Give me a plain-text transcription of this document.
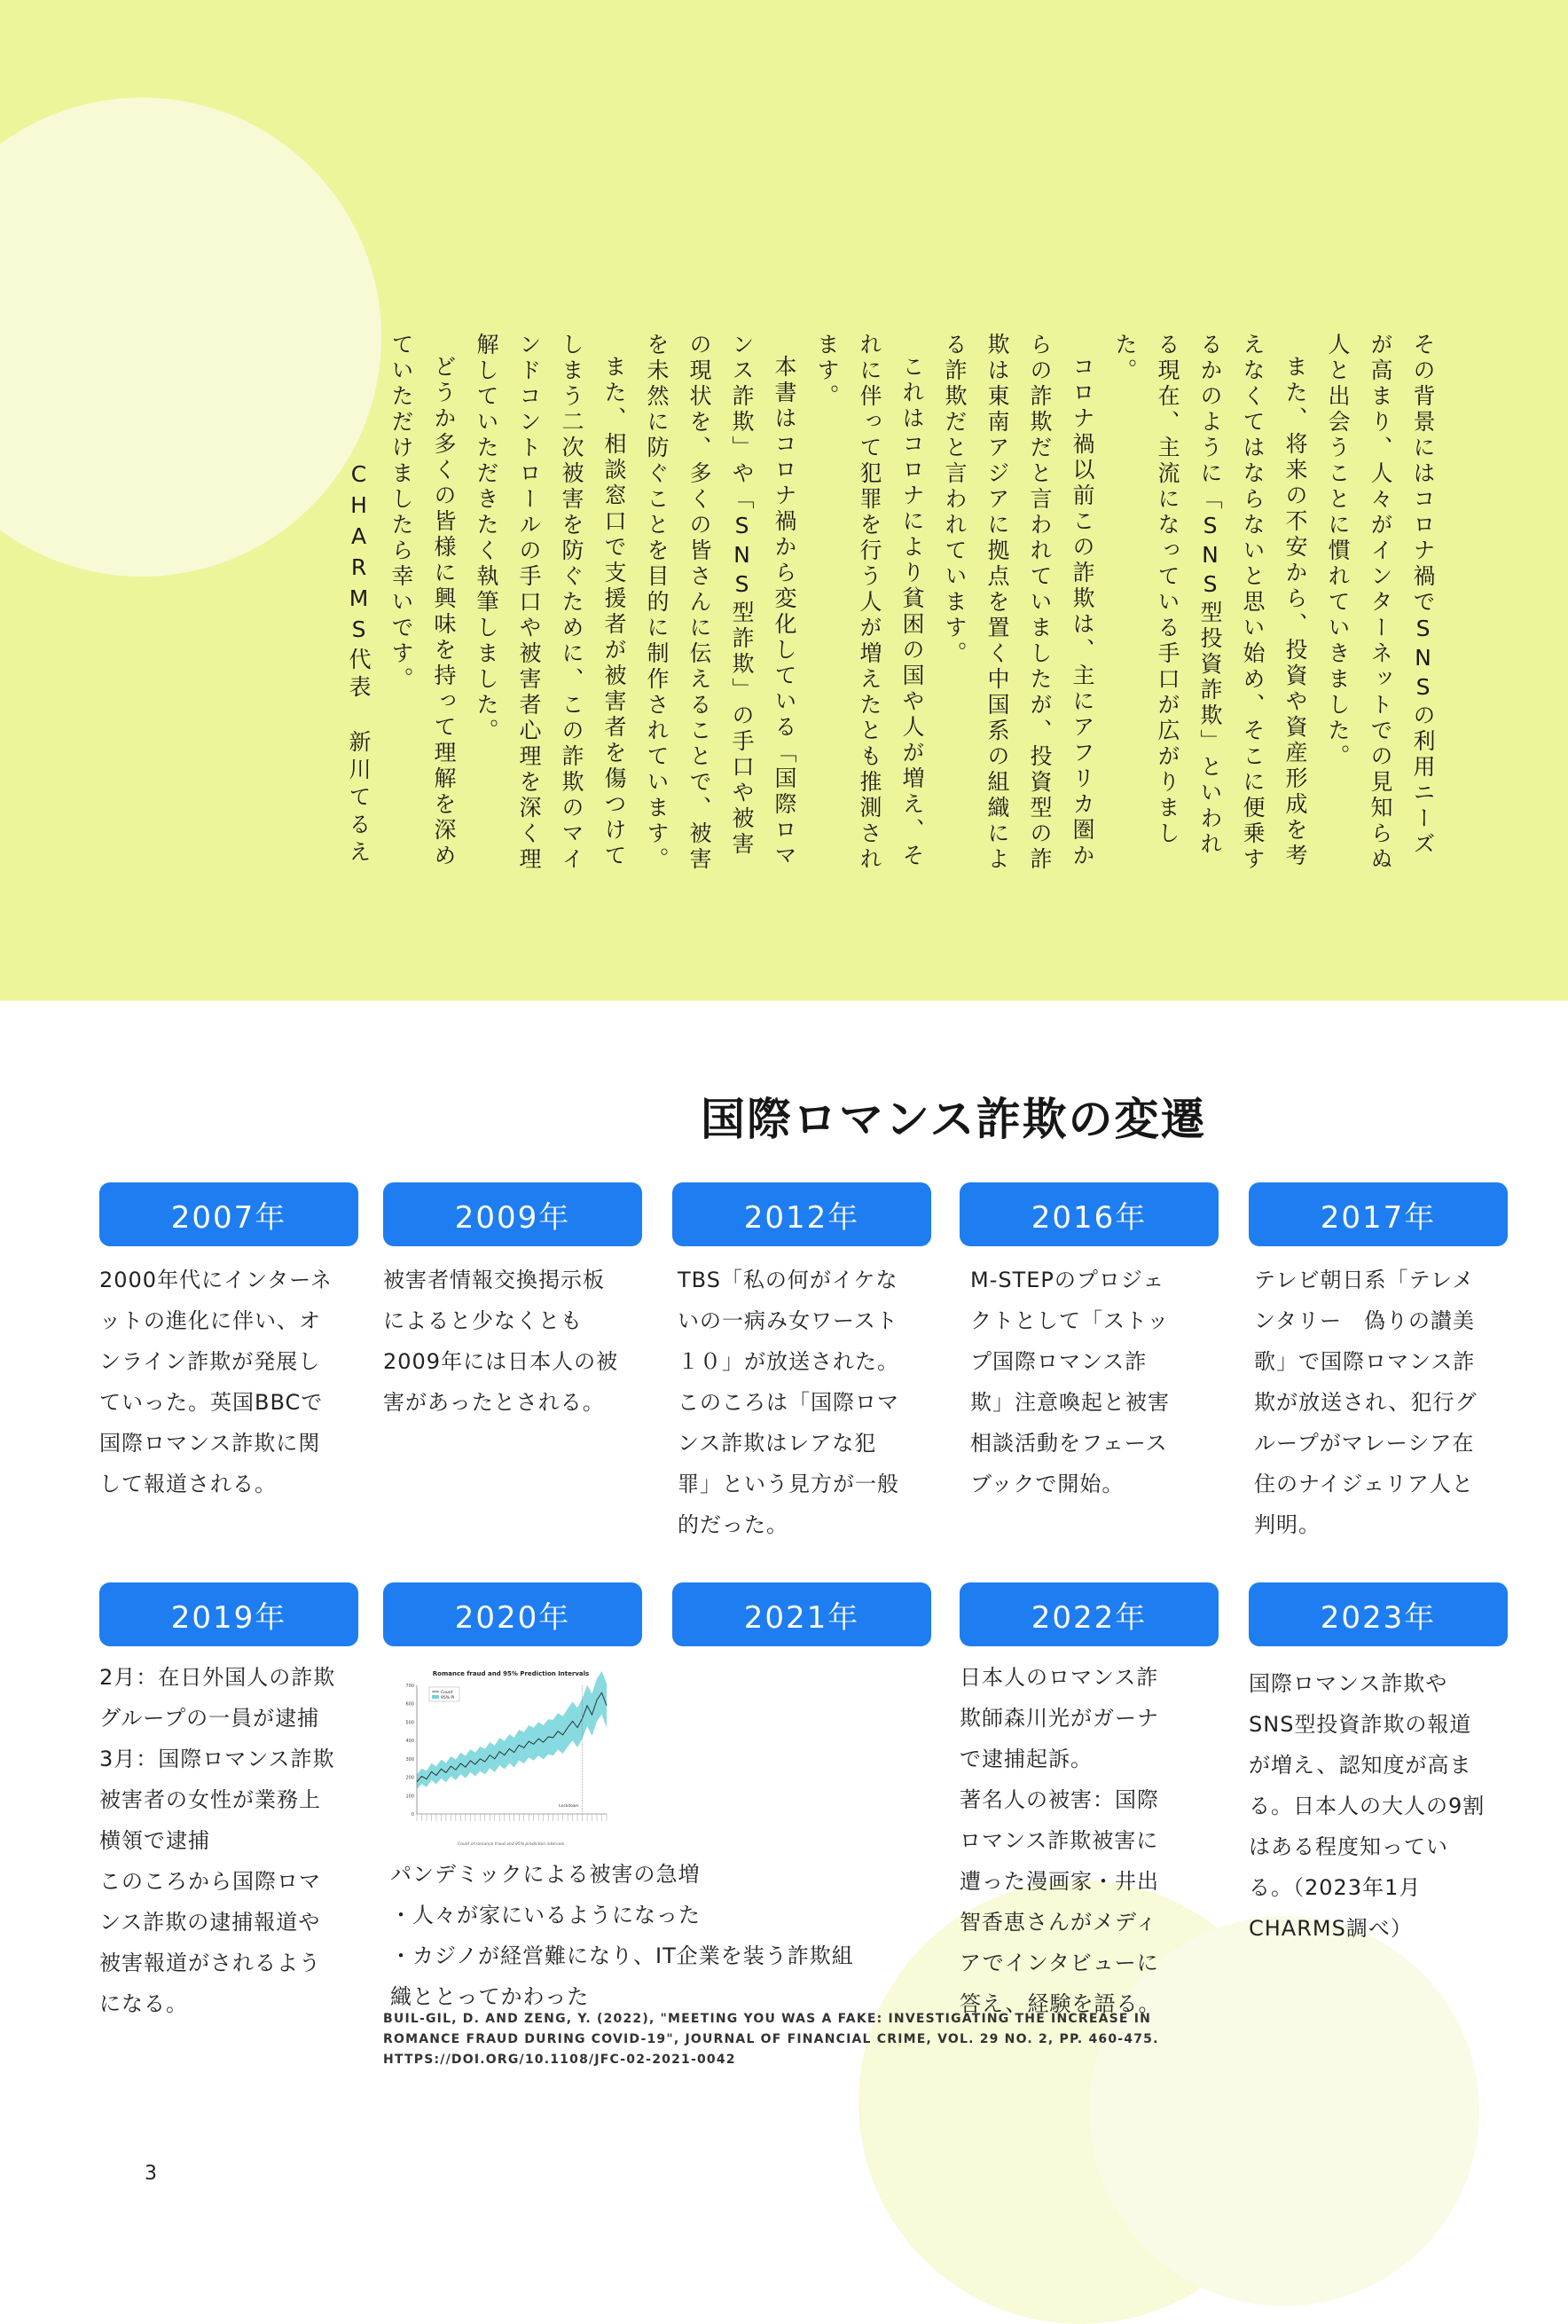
その背景にはコロナ禍でSNSの利用ニーズが高まり、人々がインターネットでの見知らぬ人と出会うことに慣れていきました。

また、将来の不安から、投資や資産形成を考えなくてはならないと思い始め、そこに便乗するかのように「SNS型投資詐欺」といわれる現在、主流になっている手口が広がりました。

コロナ禍以前この詐欺は、主にアフリカ圏からの詐欺だと言われていましたが、投資型の詐欺は東南アジアに拠点を置く中国系の組織による詐欺だと言われています。

これはコロナにより貧困の国や人が増え、それに伴って犯罪を行う人が増えたとも推測されます。

本書はコロナ禍から変化している「国際ロマンス詐欺」や「SNS型詐欺」の手口や被害の現状を、多くの皆さんに伝えることで、被害を未然に防ぐことを目的に制作されています。

また、相談窓口で支援者が被害者を傷つけてしまう二次被害を防ぐために、この詐欺のマインドコントロールの手口や被害者心理を深く理解していただきたく執筆しました。

どうか多くの皆様に興味を持って理解を深めていただけましたら幸いです。

CHARMS代表　新川てるえ

国際ロマンス詐欺の変遷
2007年	2009年	2012年	2016年	2017年
2000年代にインターネ
ットの進化に伴い、オ
ンライン詐欺が発展し
ていった。英国BBCで
国際ロマンス詐欺に関
して報道される。
被害者情報交換掲示板
によると少なくとも
2009年には日本人の被
害があったとされる。
TBS「私の何がイケな
いの一病み女ワースト
１０」が放送された。
このころは「国際ロマ
ンス詐欺はレアな犯
罪」という見方が一般
的だった。
M-STEPのプロジェ
クトとして「ストッ
プ国際ロマンス詐
欺」注意喚起と被害
相談活動をフェース
ブックで開始。
テレビ朝日系「テレメ
ンタリー　偽りの讃美
歌」で国際ロマンス詐
欺が放送され、犯行グ
ループがマレーシア在
住のナイジェリア人と
判明。
2019年	2020年	2021年	2022年	2023年
2月：在日外国人の詐欺
グループの一員が逮捕
3月：国際ロマンス詐欺
被害者の女性が業務上
横領で逮捕
このころから国際ロマ
ンス詐欺の逮捕報道や
被害報道がされるよう
になる。
Romance fraud and 95% Prediction Intervals
700
600
500
400
300
200
100
0
Lockdown
Count
95% PI
Count of romance fraud and 95% prediction intervals
パンデミックによる被害の急増
・人々が家にいるようになった
・カジノが経営難になり、IT企業を装う詐欺組
織ととってかわった
日本人のロマンス詐
欺師森川光がガーナ
で逮捕起訴。
著名人の被害：国際
ロマンス詐欺被害に
遭った漫画家・井出
智香恵さんがメディ
アでインタビューに
答え、経験を語る。
国際ロマンス詐欺や
SNS型投資詐欺の報道
が増え、認知度が高ま
る。日本人の大人の9割
はある程度知ってい
る。（2023年1月
CHARMS調べ）
BUIL-GIL, D. AND ZENG, Y. (2022), "MEETING YOU WAS A FAKE: INVESTIGATING THE INCREASE IN
ROMANCE FRAUD DURING COVID-19", JOURNAL OF FINANCIAL CRIME, VOL. 29 NO. 2, PP. 460-475.
HTTPS://DOI.ORG/10.1108/JFC-02-2021-0042
3
